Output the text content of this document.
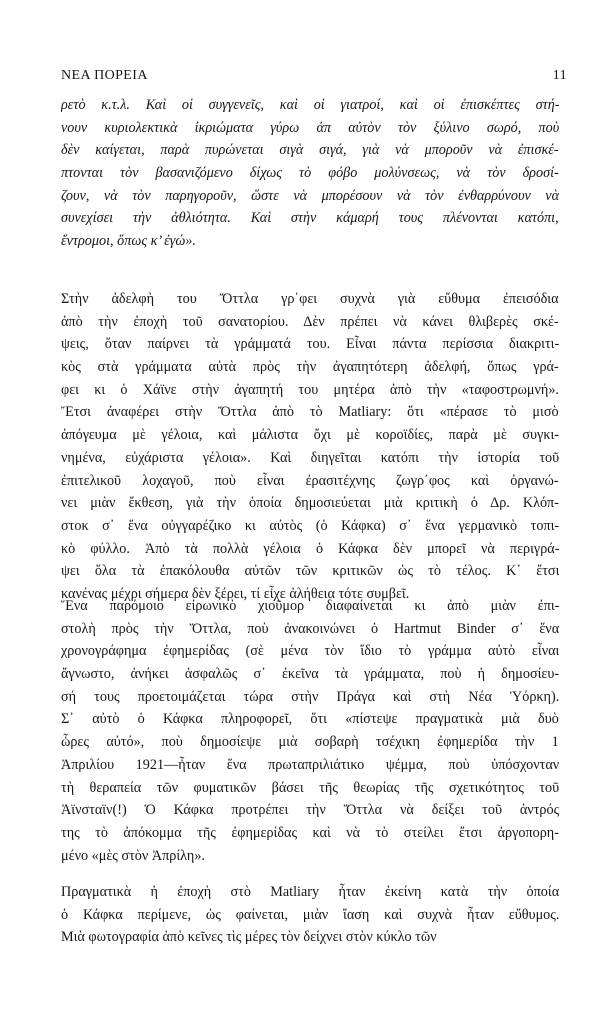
ΝΕΑ ΠΟΡΕΙΑ	11
ρετὸ κ.τ.λ. Καὶ οἱ συγγενεῖς, καὶ οἱ γιατροί, καὶ οἱ ἐπισκέπτες στή-
νουν κυριολεκτικὰ ἰκριώματα γύρω ἀπ αὐτὸν τὸν ξύλινο σωρό, ποὺ
δὲν καίγεται, παρὰ πυρώνεται σιγὰ σιγά, γιὰ νὰ μποροῦν νὰ ἐπισκέ-
πτονται τὸν βασανιζόμενο δίχως τὸ φόβο μολύνσεως, νὰ τὸν δροσί-
ζουν, νὰ τὸν παρηγοροῦν, ὥστε νὰ μπορέσουν νὰ τὸν ἐνθαρρύνουν νὰ
συνεχίσει τὴν ἀθλιότητα. Καὶ στὴν κάμαρή τους πλένονται κατόπι,
ἔντρομοι, ὅπως κ’ ἐγώ».
Στὴν ἀδελφὴ του Ὄττλα γρ΄φει συχνὰ γιὰ εὔθυμα ἐπεισόδια
ἀπὸ τὴν ἐποχὴ τοῦ σανατορίου. Δὲν πρέπει νὰ κάνει θλιβερὲς σκέ-
ψεις, ὅταν παίρνει τὰ γράμματά του. Εἶναι πάντα περίσσια διακριτι-
κὸς στὰ γράμματα αὐτὰ πρὸς τὴν ἀγαπητότερη ἀδελφή, ὅπως γρά-
φει κι ὁ Χάϊνε στὴν ἀγαπητή του μητέρα ἀπὸ τὴν «ταφοστρωμνή».
Ἔτσι ἀναφέρει στὴν Ὄττλα ἀπὸ τὸ Matliary: ὅτι «πέρασε τὸ μισὸ
ἀπόγευμα μὲ γέλοια, καὶ μάλιστα ὄχι μὲ κοροϊδίες, παρὰ μὲ συγκι-
νημένα, εὐχάριστα γέλοια». Καὶ διηγεῖται κατόπι τὴν ἱστορία τοῦ
ἐπιτελικοῦ λοχαγοῦ, ποὺ εἶναι ἐρασιτέχνης ζωγρ΄φος καὶ ὀργανώ-
νει μιὰν ἔκθεση, γιὰ τὴν ὁποία δημοσιεύεται μιὰ κριτικὴ ὁ Δρ. Κλόπ-
στοκ σ᾽ ἕνα οὐγγαρέζικο κι αὐτὸς (ὁ Κάφκα) σ᾽ ἕνα γερμανικὸ τοπι-
κὸ φύλλο. Ἀπὸ τὰ πολλὰ γέλοια ὁ Κάφκα δὲν μπορεῖ νὰ περιγρά-
ψει ὅλα τὰ ἐπακόλουθα αὐτῶν τῶν κριτικῶν ὡς τὸ τέλος. Κ᾽ ἔτσι
κανένας μέχρι σήμερα δὲν ξέρει, τί εἶχε ἀλήθεια τότε συμβεῖ.
Ἕνα παρόμοιο εἰρωνικὸ χιοῦμορ διαφαίνεται κι ἀπὸ μιὰν ἐπι-
στολὴ πρὸς τὴν Ὄττλα, ποὺ ἀνακοινώνει ὁ Hartmut Binder σ᾽ ἕνα
χρονογράφημα ἐφημερίδας (σὲ μένα τὸν ἴδιο τὸ γράμμα αὐτὸ εἶναι
ἄγνωστο, ἀνήκει ἀσφαλῶς σ᾽ ἐκεῖνα τὰ γράμματα, ποὺ ἡ δημοσίευ-
σή τους προετοιμάζεται τώρα στὴν Πράγα καὶ στὴ Νέα Ὑόρκη).
Σ᾽ αὐτὸ ὁ Κάφκα πληροφορεῖ, ὅτι «πίστεψε πραγματικὰ μιὰ δυὸ
ὧρες αὐτό», ποὺ δημοσίεψε μιὰ σοβαρὴ τσέχικη ἐφημερίδα τὴν 1
Ἀπριλίου 1921—ἦταν ἕνα πρωταπριλιάτικο ψέμμα, ποὺ ὑπόσχονταν
τὴ θεραπεία τῶν φυματικῶν βάσει τῆς θεωρίας τῆς σχετικότητος τοῦ
Ἀϊνσταϊν(!) Ὁ Κάφκα προτρέπει τὴν Ὄττλα νὰ δείξει τοῦ ἀντρός
της τὸ ἀπόκομμα τῆς ἐφημερίδας καὶ νὰ τὸ στείλει ἔτσι ἀργοπορη-
μένο «μὲς στὸν Ἀπρίλη».
Πραγματικὰ ἡ ἐποχὴ στὸ Matliary ἦταν ἐκείνη κατὰ τὴν ὁποία
ὁ Κάφκα περίμενε, ὡς φαίνεται, μιὰν ἴαση καὶ συχνὰ ἦταν εὔθυμος.
Μιὰ φωτογραφία ἀπὸ κεῖνες τὶς μέρες τὸν δείχνει στὸν κύκλο τῶν
